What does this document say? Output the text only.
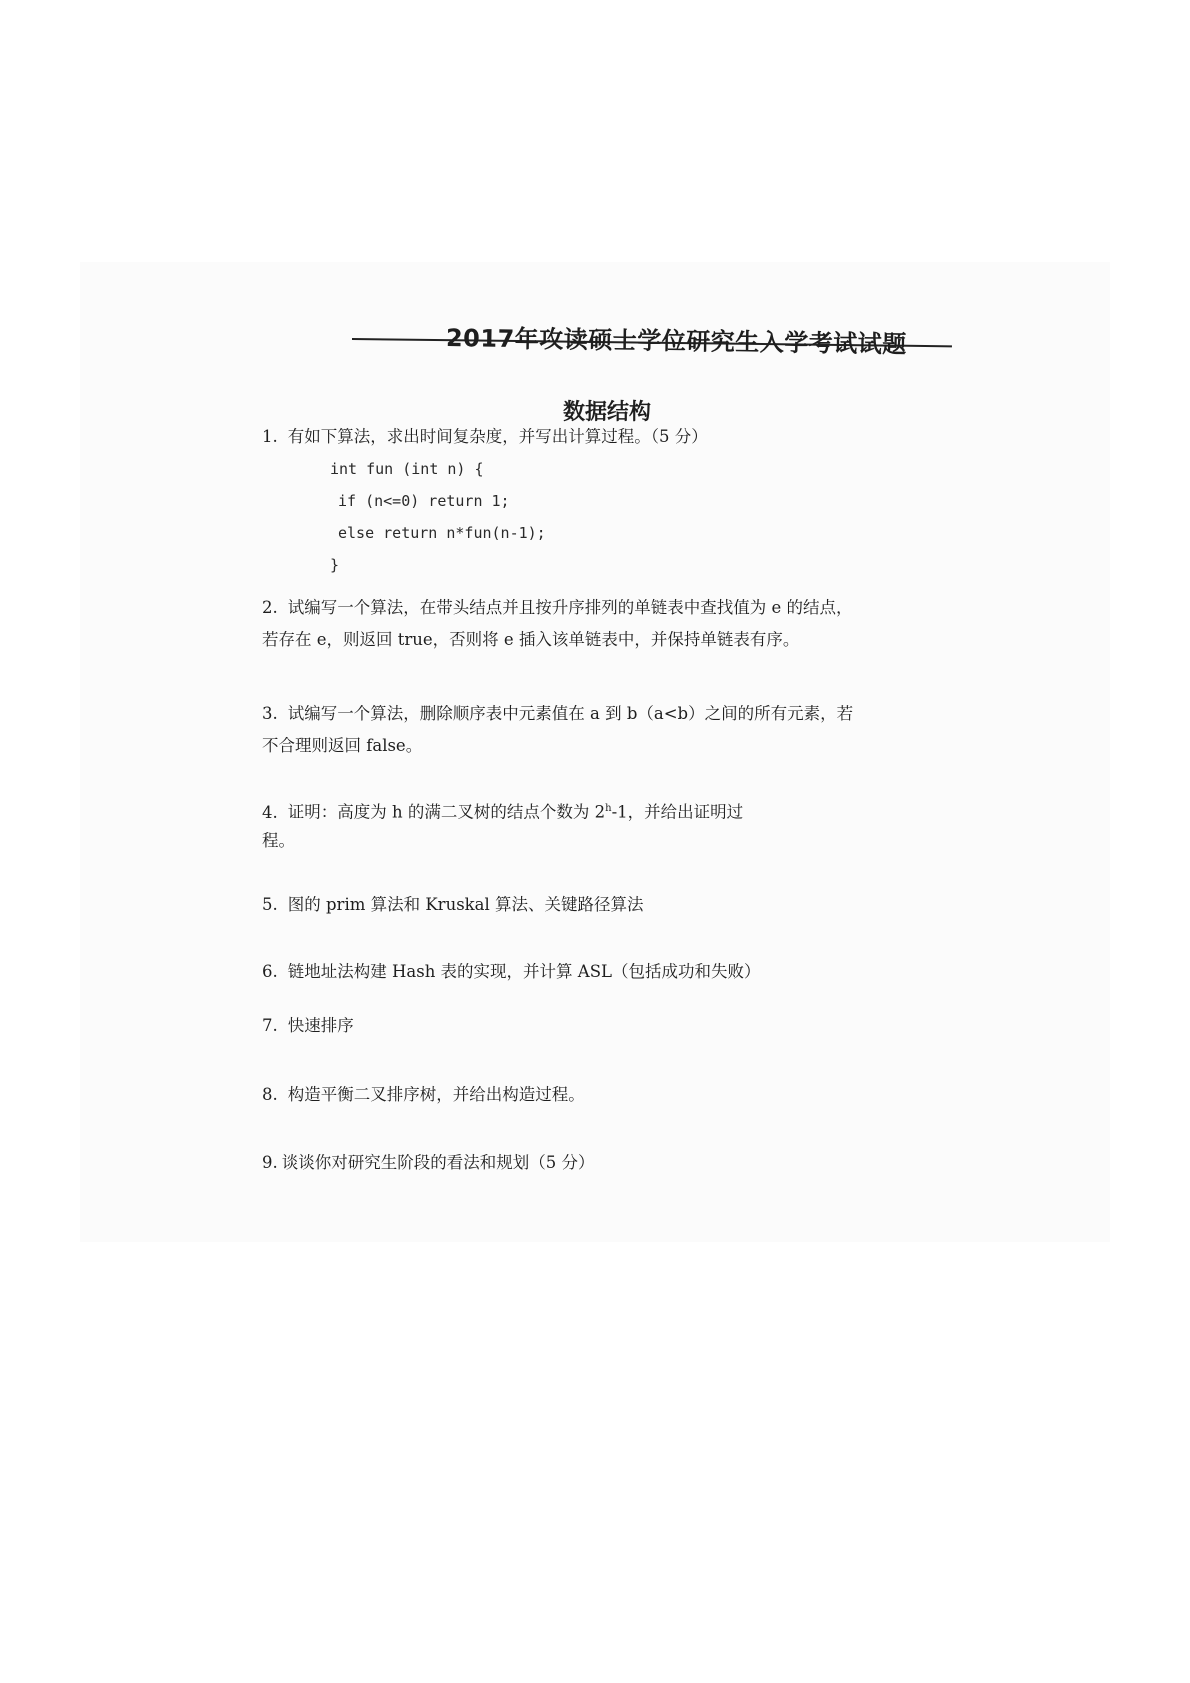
2017年攻读硕士学位研究生入学考试试题
数据结构
1. 有如下算法，求出时间复杂度，并写出计算过程。（5 分）
int fun (int n) {
if (n<=0) return 1;
else return n*fun(n-1);
}
2. 试编写一个算法，在带头结点并且按升序排列的单链表中查找值为 e 的结点，
若存在 e，则返回 true，否则将 e 插入该单链表中，并保持单链表有序。
3. 试编写一个算法，删除顺序表中元素值在 a 到 b（a<b）之间的所有元素，若
不合理则返回 false。
4. 证明：高度为 h 的满二叉树的结点个数为 2$^h$-1，并给出证明过
程。
5. 图的 prim 算法和 Kruskal 算法、关键路径算法
6. 链地址法构建 Hash 表的实现，并计算 ASL（包括成功和失败）
7. 快速排序
8. 构造平衡二叉排序树，并给出构造过程。
9. 谈谈你对研究生阶段的看法和规划（5 分）
